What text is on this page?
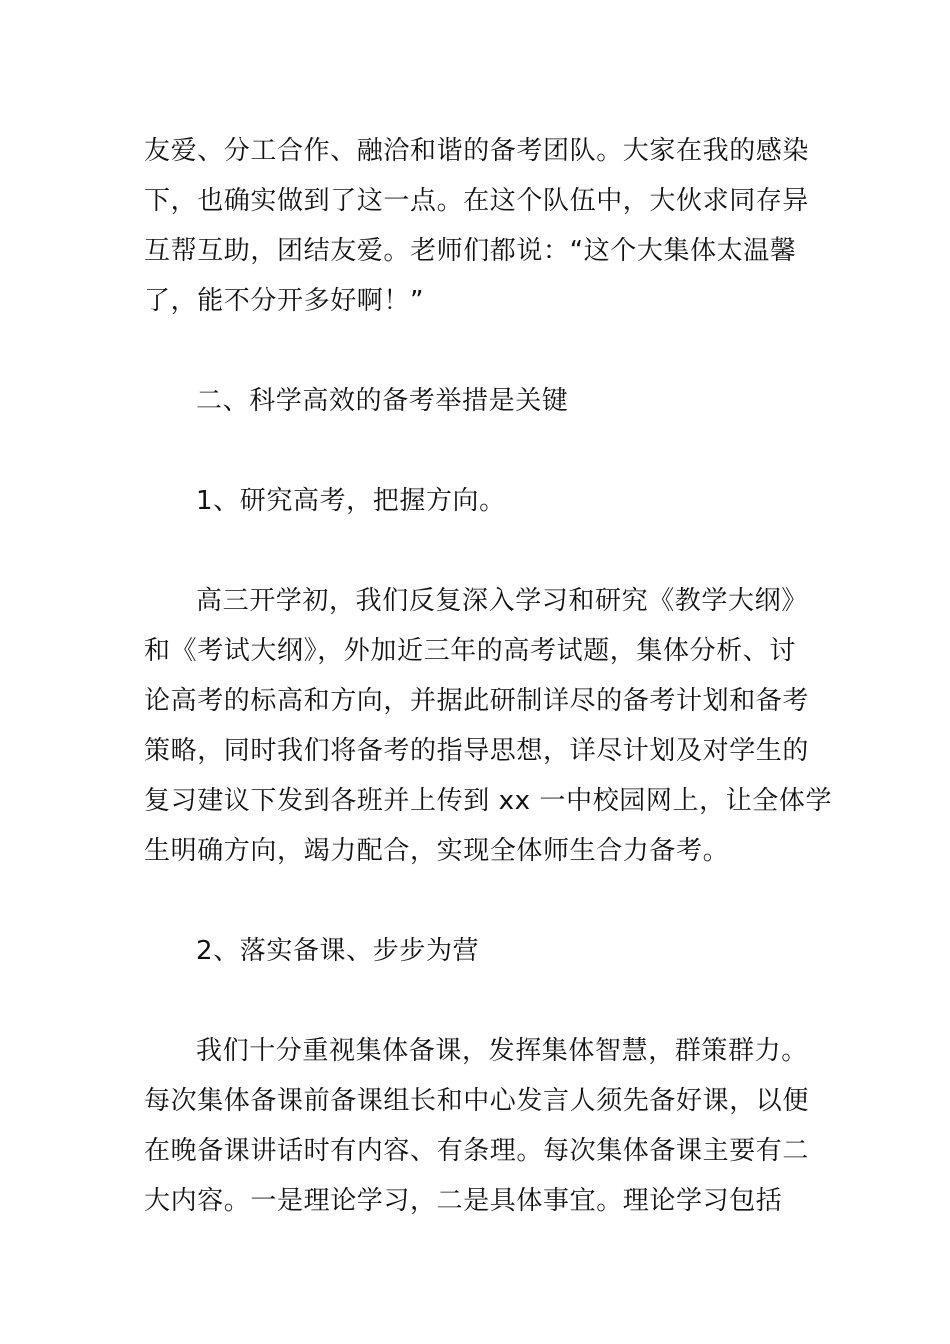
友爱、分工合作、融洽和谐的备考团队。大家在我的感染
下，也确实做到了这一点。在这个队伍中，大伙求同存异
互帮互助，团结友爱。老师们都说：“这个大集体太温馨
了，能不分开多好啊！”
二、科学高效的备考举措是关键
1、研究高考，把握方向。
高三开学初，我们反复深入学习和研究《教学大纲》
和《考试大纲》，外加近三年的高考试题，集体分析、讨
论高考的标高和方向，并据此研制详尽的备考计划和备考
策略，同时我们将备考的指导思想，详尽计划及对学生的
复习建议下发到各班并上传到 xx 一中校园网上，让全体学
生明确方向，竭力配合，实现全体师生合力备考。
2、落实备课、步步为营
我们十分重视集体备课，发挥集体智慧，群策群力。
每次集体备课前备课组长和中心发言人须先备好课，以便
在晚备课讲话时有内容、有条理。每次集体备课主要有二
大内容。一是理论学习，二是具体事宜。理论学习包括
